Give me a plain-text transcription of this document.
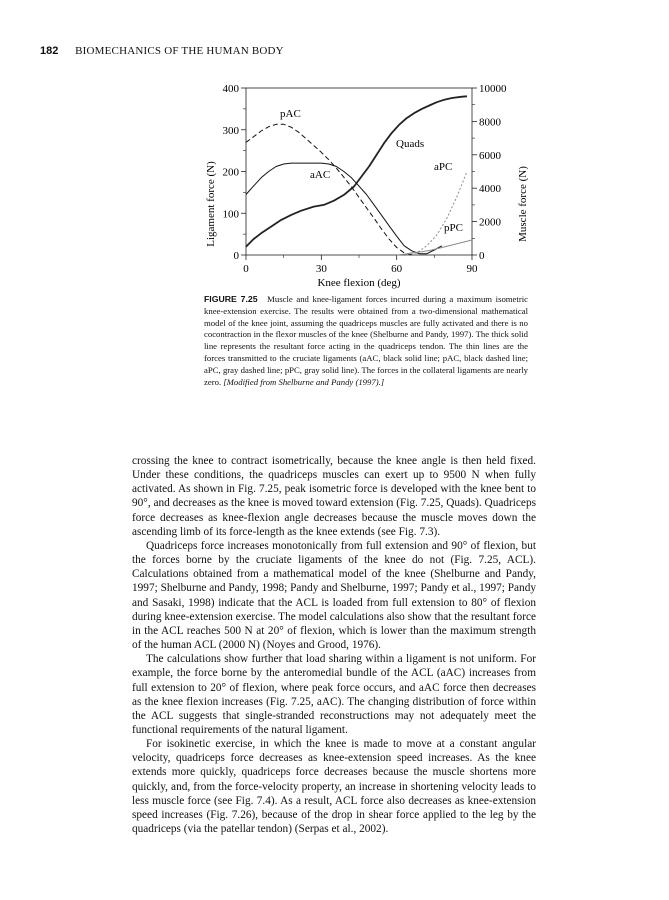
182 BIOMECHANICS OF THE HUMAN BODY
0
100
200
300
400
0
2000
4000
6000
8000
10000
0	30	60	90
Ligament force (N)	Muscle force (N)
Knee flexion (deg)
pAC
aAC
Quads
aPC
pPC
FIGURE 7.25 Muscle and knee-ligament forces incurred during a maximum isometric knee-extension exercise. The results were obtained from a two-dimensional mathematical model of the knee joint, assuming the quadriceps muscles are fully activated and there is no cocontraction in the flexor muscles of the knee (Shelburne and Pandy, 1997). The thick solid line represents the resultant force acting in the quadriceps tendon. The thin lines are the forces transmitted to the cruciate ligaments (aAC, black solid line; pAC, black dashed line; aPC, gray dashed line; pPC, gray solid line). The forces in the collateral ligaments are nearly zero. [Modified from Shelburne and Pandy (1997).]

crossing the knee to contract isometrically, because the knee angle is then held fixed. Under these conditions, the quadriceps muscles can exert up to 9500 N when fully activated. As shown in Fig. 7.25, peak isometric force is developed with the knee bent to 90°, and decreases as the knee is moved toward extension (Fig. 7.25, Quads). Quadriceps force decreases as knee-flexion angle decreases because the muscle moves down the ascending limb of its force-length as the knee extends (see Fig. 7.3).

Quadriceps force increases monotonically from full extension and 90° of flexion, but the forces borne by the cruciate ligaments of the knee do not (Fig. 7.25, ACL). Calculations obtained from a mathematical model of the knee (Shelburne and Pandy, 1997; Shelburne and Pandy, 1998; Pandy and Shelburne, 1997; Pandy et al., 1997; Pandy and Sasaki, 1998) indicate that the ACL is loaded from full extension to 80° of flexion during knee-extension exercise. The model calculations also show that the resultant force in the ACL reaches 500 N at 20° of flexion, which is lower than the maximum strength of the human ACL (2000 N) (Noyes and Grood, 1976).

The calculations show further that load sharing within a ligament is not uniform. For example, the force borne by the anteromedial bundle of the ACL (aAC) increases from full extension to 20° of flexion, where peak force occurs, and aAC force then decreases as the knee flexion increases (Fig. 7.25, aAC). The changing distribution of force within the ACL suggests that single-stranded reconstructions may not adequately meet the functional requirements of the natural ligament.

For isokinetic exercise, in which the knee is made to move at a constant angular velocity, quadriceps force decreases as knee-extension speed increases. As the knee extends more quickly, quadriceps force decreases because the muscle shortens more quickly, and, from the force-velocity property, an increase in shortening velocity leads to less muscle force (see Fig. 7.4). As a result, ACL force also decreases as knee-extension speed increases (Fig. 7.26), because of the drop in shear force applied to the leg by the quadriceps (via the patellar tendon) (Serpas et al., 2002).
